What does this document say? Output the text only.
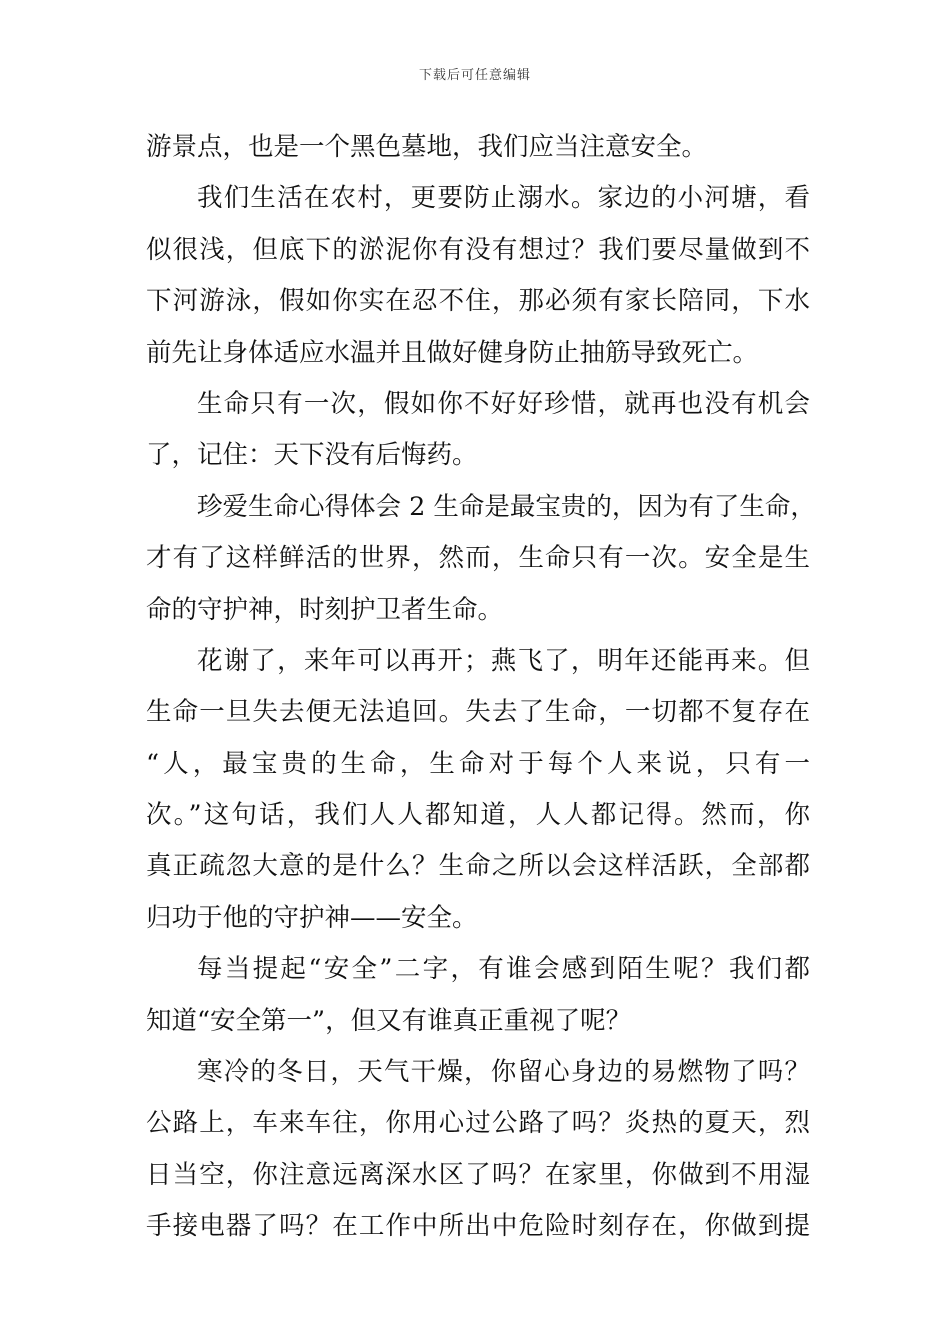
下载后可任意编辑
游景点，也是一个黑色墓地，我们应当注意安全。
我们生活在农村，更要防止溺水。家边的小河塘，看
似很浅，但底下的淤泥你有没有想过？我们要尽量做到不
下河游泳，假如你实在忍不住，那必须有家长陪同，下水
前先让身体适应水温并且做好健身防止抽筋导致死亡。
生命只有一次，假如你不好好珍惜，就再也没有机会
了，记住：天下没有后悔药。
珍爱生命心得体会 2 生命是最宝贵的，因为有了生命，
才有了这样鲜活的世界，然而，生命只有一次。安全是生
命的守护神，时刻护卫者生命。
花谢了，来年可以再开；燕飞了，明年还能再来。但
生命一旦失去便无法追回。失去了生命，一切都不复存在
“人，最宝贵的生命，生命对于每个人来说，只有一
次。”这句话，我们人人都知道，人人都记得。然而，你
真正疏忽大意的是什么？生命之所以会这样活跃，全部都
归功于他的守护神——安全。
每当提起“安全”二字，有谁会感到陌生呢？我们都
知道“安全第一”，但又有谁真正重视了呢？
寒冷的冬日，天气干燥，你留心身边的易燃物了吗？
公路上，车来车往，你用心过公路了吗？炎热的夏天，烈
日当空，你注意远离深水区了吗？在家里，你做到不用湿
手接电器了吗？在工作中所出中危险时刻存在，你做到提
